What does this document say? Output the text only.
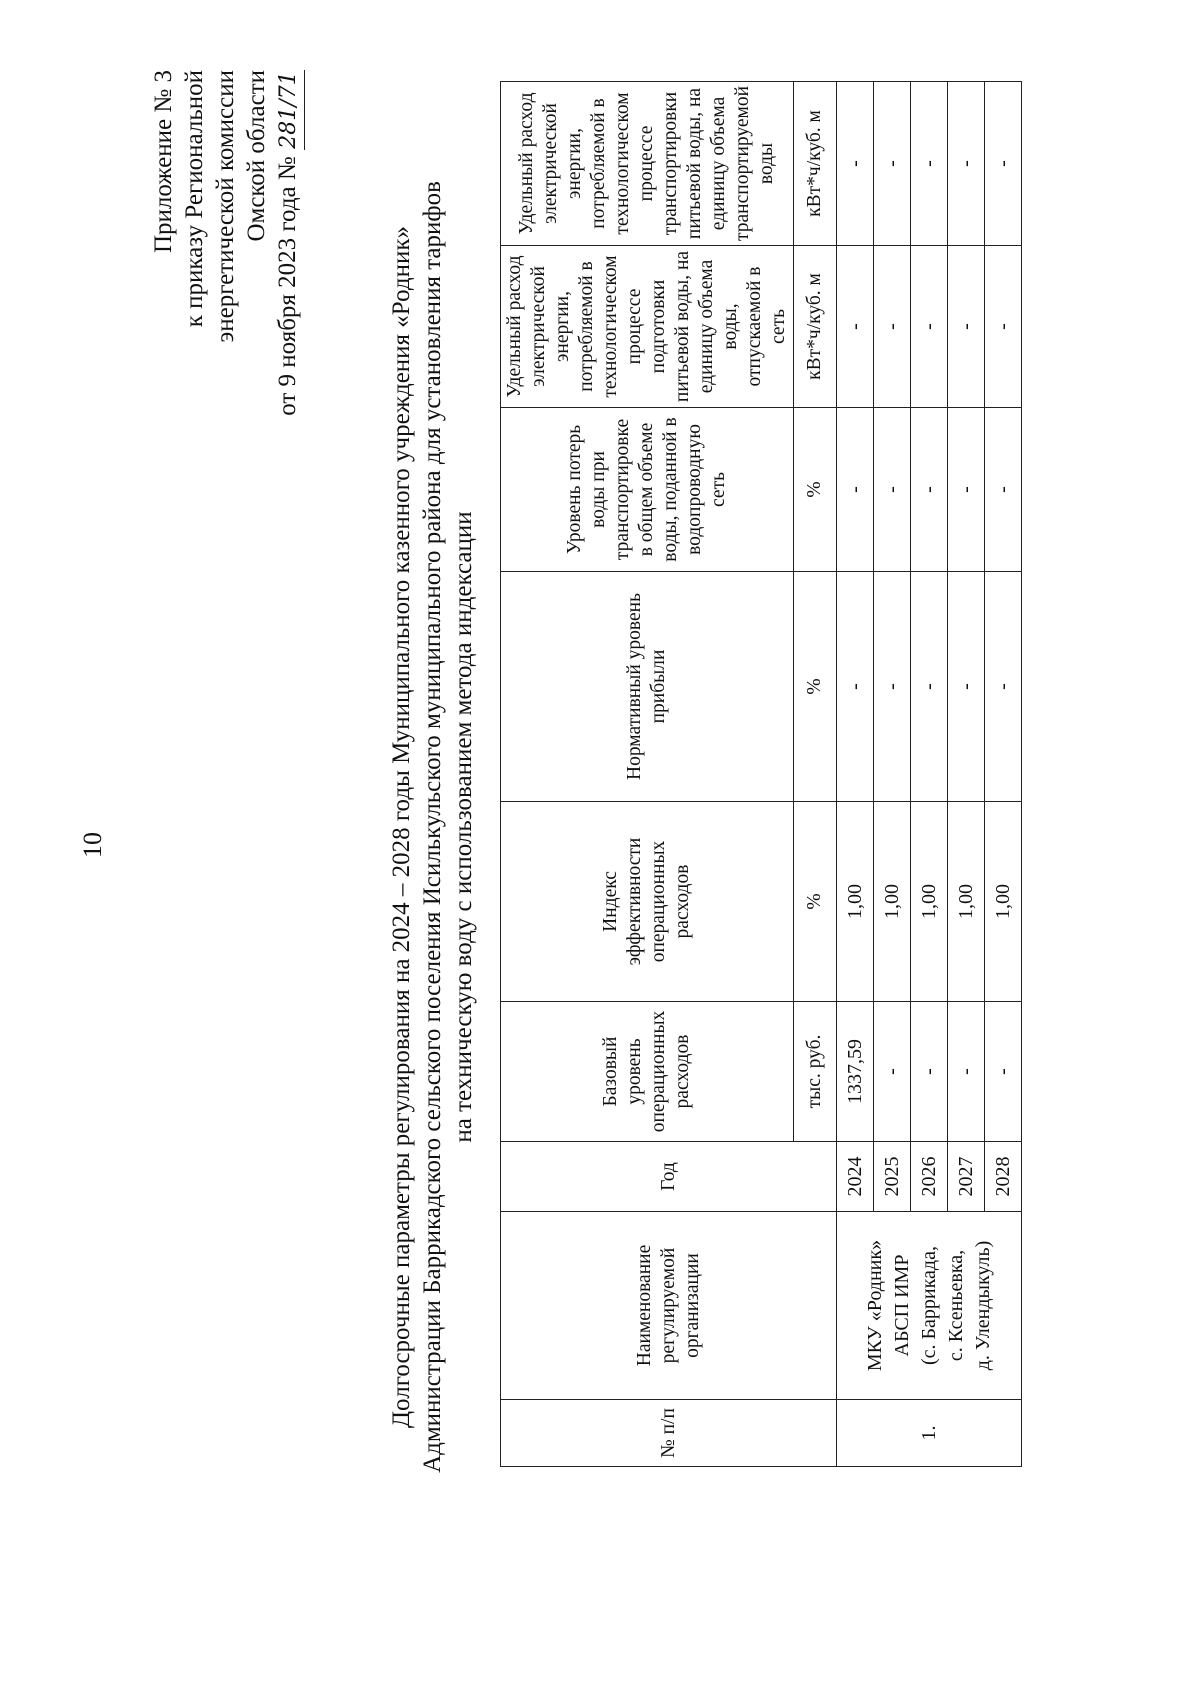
10
Приложение № 3 к приказу Региональной энергетической комиссии Омской области
от 9 ноября 2023 года № 281/71
Долгосрочные параметры регулирования на 2024 – 2028 годы Муниципального казенного учреждения «Родник» Администрации Баррикадского сельского поселения Исилькульского муниципального района для установления тарифов на техническую воду с использованием метода индексации
№ п/п	Наименование регулируемой организации	Год	Базовый уровень операционных расходов	Индекс эффективности операционных расходов	Нормативный уровень прибыли	Уровень потерь воды при транспортировке в общем объеме воды, поданной в водопроводную сеть	Удельный расход электрической энергии, потребляемой в технологическом процессе подготовки питьевой воды, на единицу объема воды, отпускаемой в сеть	Удельный расход электрической энергии, потребляемой в технологическом процессе транспортировки питьевой воды, на единицу объема транспортируемой воды
			тыс. руб.	%	%	%	кВт*ч/куб. м	кВт*ч/куб. м
1.	МКУ «Родник» АБСП ИМР (с. Баррикада, с. Ксеньевка, д. Улендыкуль)	2024	1337,59	1,00	-	-	-	-
		2025	-	1,00	-	-	-	-
		2026	-	1,00	-	-	-	-
		2027	-	1,00	-	-	-	-
		2028	-	1,00	-	-	-	-
